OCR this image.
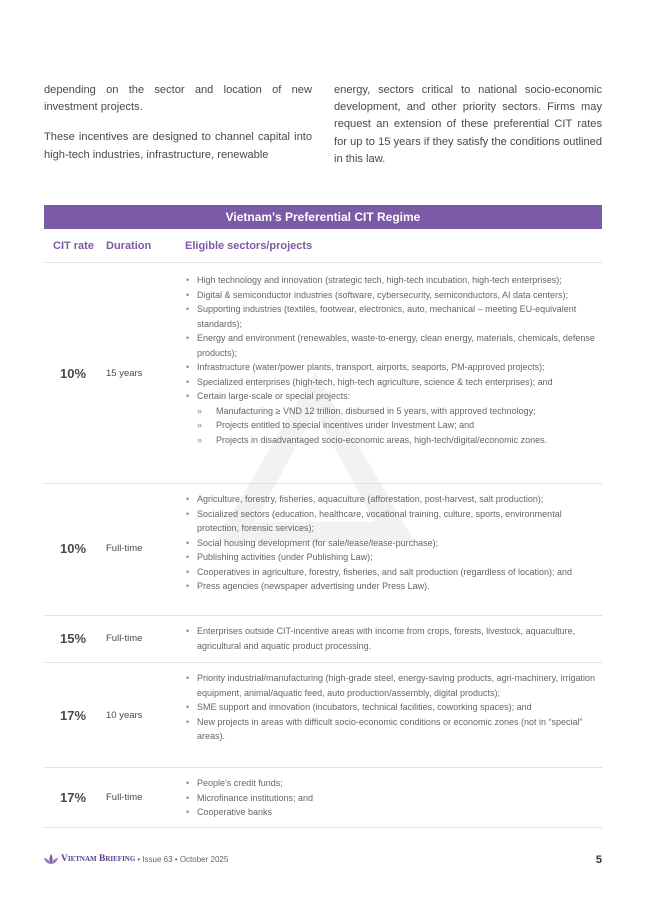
depending on the sector and location of new investment projects.

These incentives are designed to channel capital into high-tech industries, infrastructure, renewable

energy, sectors critical to national socio-economic development, and other priority sectors. Firms may request an extension of these preferential CIT rates for up to 15 years if they satisfy the conditions outlined in this law.

Vietnam's Preferential CIT Regime
CIT rate Duration	Eligible sectors/projects
10%	15 years
• High technology and innovation (strategic tech, high-tech incubation, high-tech enterprises);
• Digital & semiconductor industries (software, cybersecurity, semiconductors, AI data centers);
• Supporting industries (textiles, footwear, electronics, auto, mechanical – meeting EU-equivalent standards);
• Energy and environment (renewables, waste-to-energy, clean energy, materials, chemicals, defense products);
• Infrastructure (water/power plants, transport, airports, seaports, PM-approved projects);
• Specialized enterprises (high-tech, high-tech agriculture, science & tech enterprises); and
• Certain large-scale or special projects:
» Manufacturing ≥ VND 12 trillion, disbursed in 5 years, with approved technology;
» Projects entitled to special incentives under Investment Law; and
» Projects in disadvantaged socio-economic areas, high-tech/digital/economic zones.
10%	Full-time
• Agriculture, forestry, fisheries, aquaculture (afforestation, post-harvest, salt production);
• Socialized sectors (education, healthcare, vocational training, culture, sports, environmental protection, forensic services);
• Social housing development (for sale/lease/lease-purchase);
• Publishing activities (under Publishing Law);
• Cooperatives in agriculture, forestry, fisheries, and salt production (regardless of location); and
• Press agencies (newspaper advertising under Press Law).
15%	Full-time
• Enterprises outside CIT-incentive areas with income from crops, forests, livestock, aquaculture, agricultural and aquatic product processing.
17%	10 years
• Priority industrial/manufacturing (high-grade steel, energy-saving products, agri-machinery, irrigation equipment, animal/aquatic feed, auto production/assembly, digital products);
• SME support and innovation (incubators, technical facilities, coworking spaces); and
• New projects in areas with difficult socio-economic conditions or economic zones (not in “special” areas).
17%	Full-time
• People's credit funds;
• Microfinance institutions; and
• Cooperative banks
Vietnam Briefing • Issue 63 • October 2025	5
